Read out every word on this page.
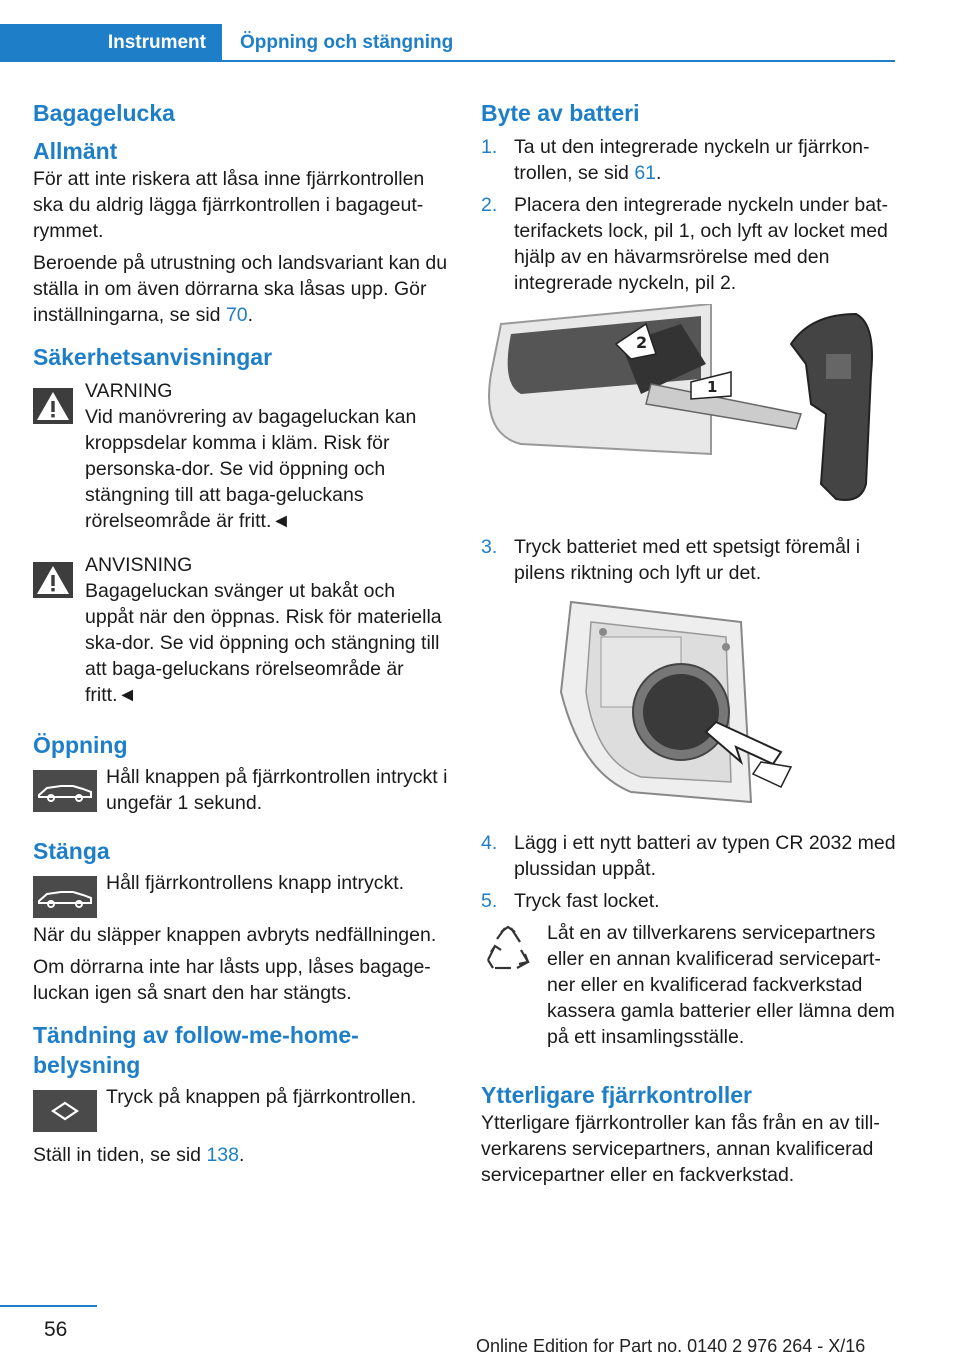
Instrument	Öppning och stängning
Bagagelucka
Allmänt

För att inte riskera att låsa inne fjärrkontrollen ska du aldrig lägga fjärrkontrollen i bagageut-rymmet.

Beroende på utrustning och landsvariant kan du ställa in om även dörrarna ska låsas upp. Gör inställningarna, se sid 70.

Säkerhetsanvisningar

VARNING

Vid manövrering av bagageluckan kan kroppsdelar komma i kläm. Risk för personska-dor. Se vid öppning och stängning till att baga-geluckans rörelseområde är fritt.◄

ANVISNING

Bagageluckan svänger ut bakåt och uppåt när den öppnas. Risk för materiella ska-dor. Se vid öppning och stängning till att baga-geluckans rörelseområde är fritt.◄

Öppning

Håll knappen på fjärrkontrollen intryckt i ungefär 1 sekund.

Stänga

Håll fjärrkontrollens knapp intryckt.

När du släpper knappen avbryts nedfällningen.

Om dörrarna inte har låsts upp, låses bagage-luckan igen så snart den har stängts.

Tändning av follow-me-home-belysning

Tryck på knappen på fjärrkontrollen.

Ställ in tiden, se sid 138.

Byte av batteri
1. Ta ut den integrerade nyckeln ur fjärrkon-trollen, se sid 61.
2. Placera den integrerade nyckeln under bat-terifackets lock, pil 1, och lyft av locket med hjälp av en hävarmsrörelse med den integrerade nyckeln, pil 2.
2
1
3. Tryck batteriet med ett spetsigt föremål i pilens riktning och lyft ur det.
4. Lägg i ett nytt batteri av typen CR 2032 med plussidan uppåt.
5. Tryck fast locket.

Låt en av tillverkarens servicepartners eller en annan kvalificerad servicepart-ner eller en kvalificerad fackverkstad kassera gamla batterier eller lämna dem på ett insamlingsställe.

Ytterligare fjärrkontroller

Ytterligare fjärrkontroller kan fås från en av till-verkarens servicepartners, annan kvalificerad servicepartner eller en fackverkstad.

56
Online Edition for Part no. 0140 2 976 264 - X/16
